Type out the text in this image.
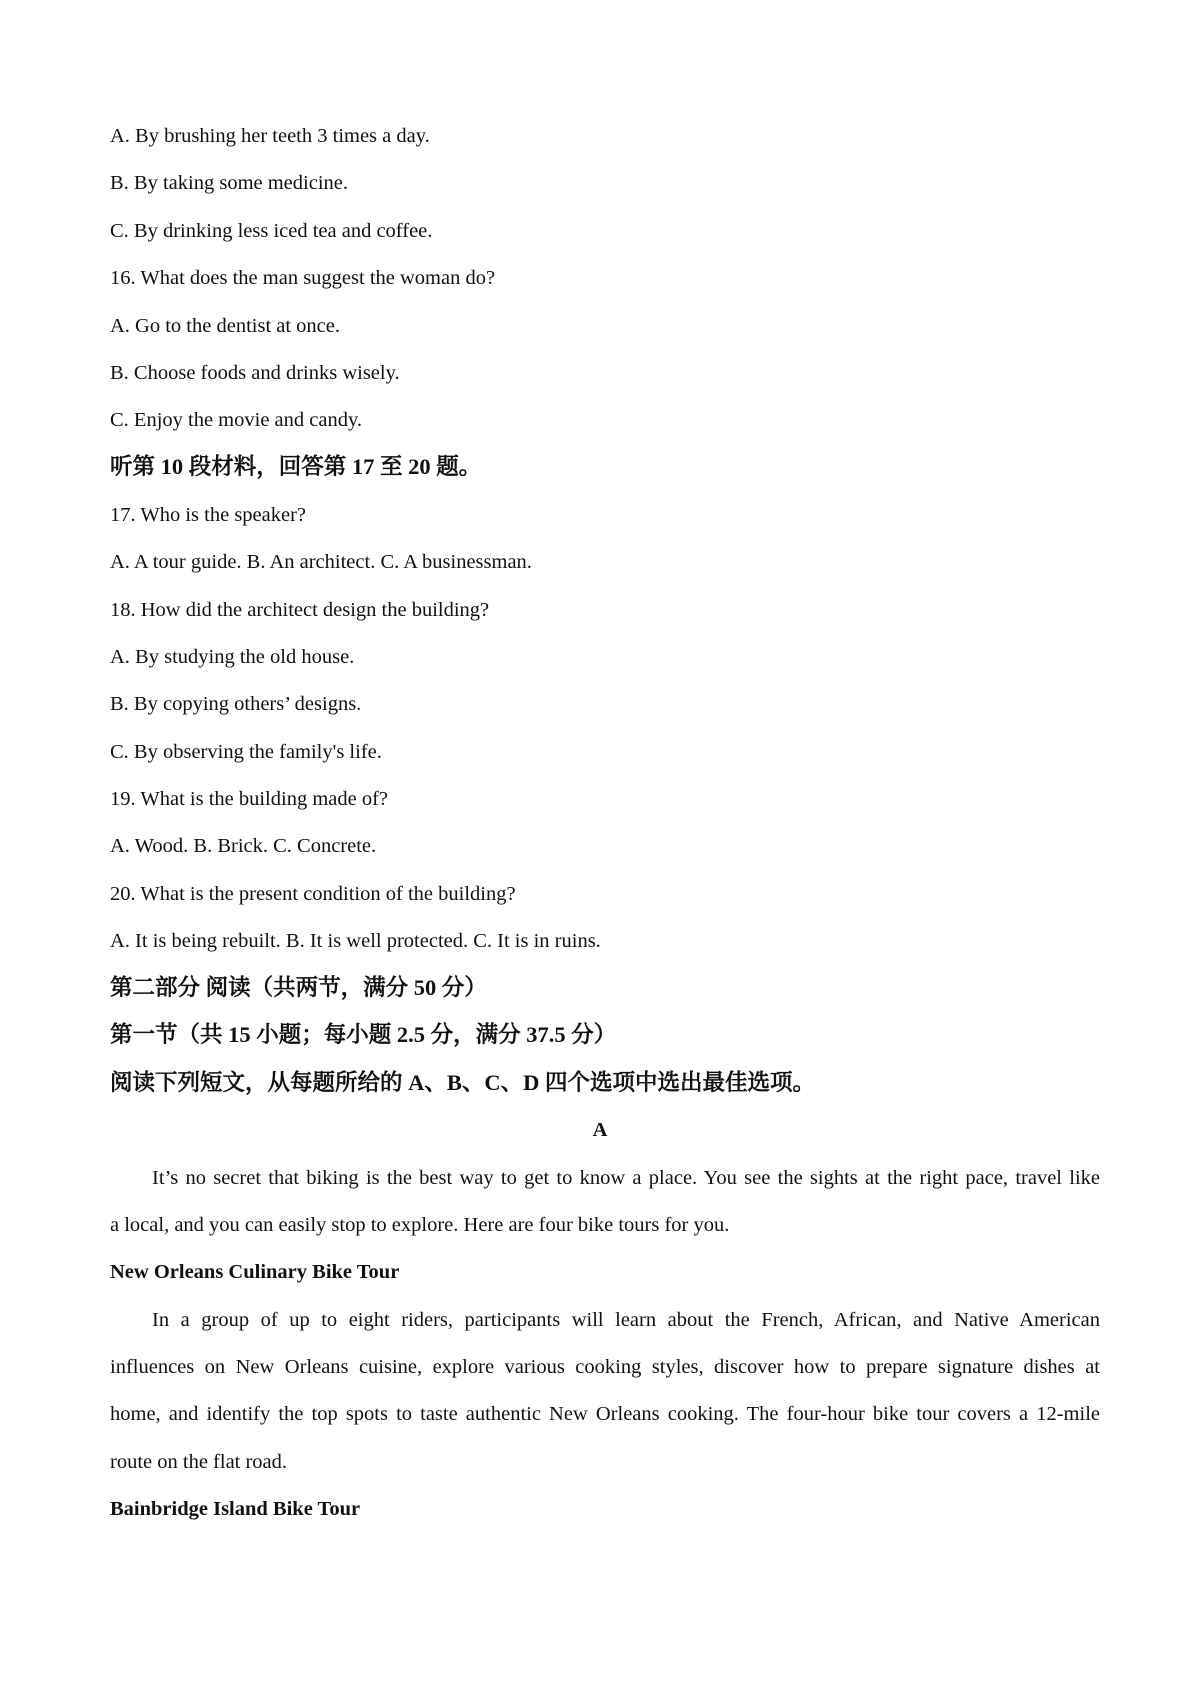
A. By brushing her teeth 3 times a day.
B. By taking some medicine.
C. By drinking less iced tea and coffee.
16. What does the man suggest the woman do?
A. Go to the dentist at once.
B. Choose foods and drinks wisely.
C. Enjoy the movie and candy.
听第 10 段材料，回答第 17 至 20 题。
17. Who is the speaker?
A. A tour guide. B. An architect. C. A businessman.
18. How did the architect design the building?
A. By studying the old house.
B. By copying others’ designs.
C. By observing the family's life.
19. What is the building made of?
A. Wood. B. Brick. C. Concrete.
20. What is the present condition of the building?
A. It is being rebuilt. B. It is well protected. C. It is in ruins.
第二部分 阅读（共两节，满分 50 分）
第一节（共 15 小题；每小题 2.5 分，满分 37.5 分）
阅读下列短文，从每题所给的 A、B、C、D 四个选项中选出最佳选项。
A
It’s no secret that biking is the best way to get to know a place. You see the sights at the right pace, travel like
a local, and you can easily stop to explore. Here are four bike tours for you.
New Orleans Culinary Bike Tour
In a group of up to eight riders, participants will learn about the French, African, and Native American
influences on New Orleans cuisine, explore various cooking styles, discover how to prepare signature dishes at
home, and identify the top spots to taste authentic New Orleans cooking. The four-hour bike tour covers a 12-mile
route on the flat road.
Bainbridge Island Bike Tour
